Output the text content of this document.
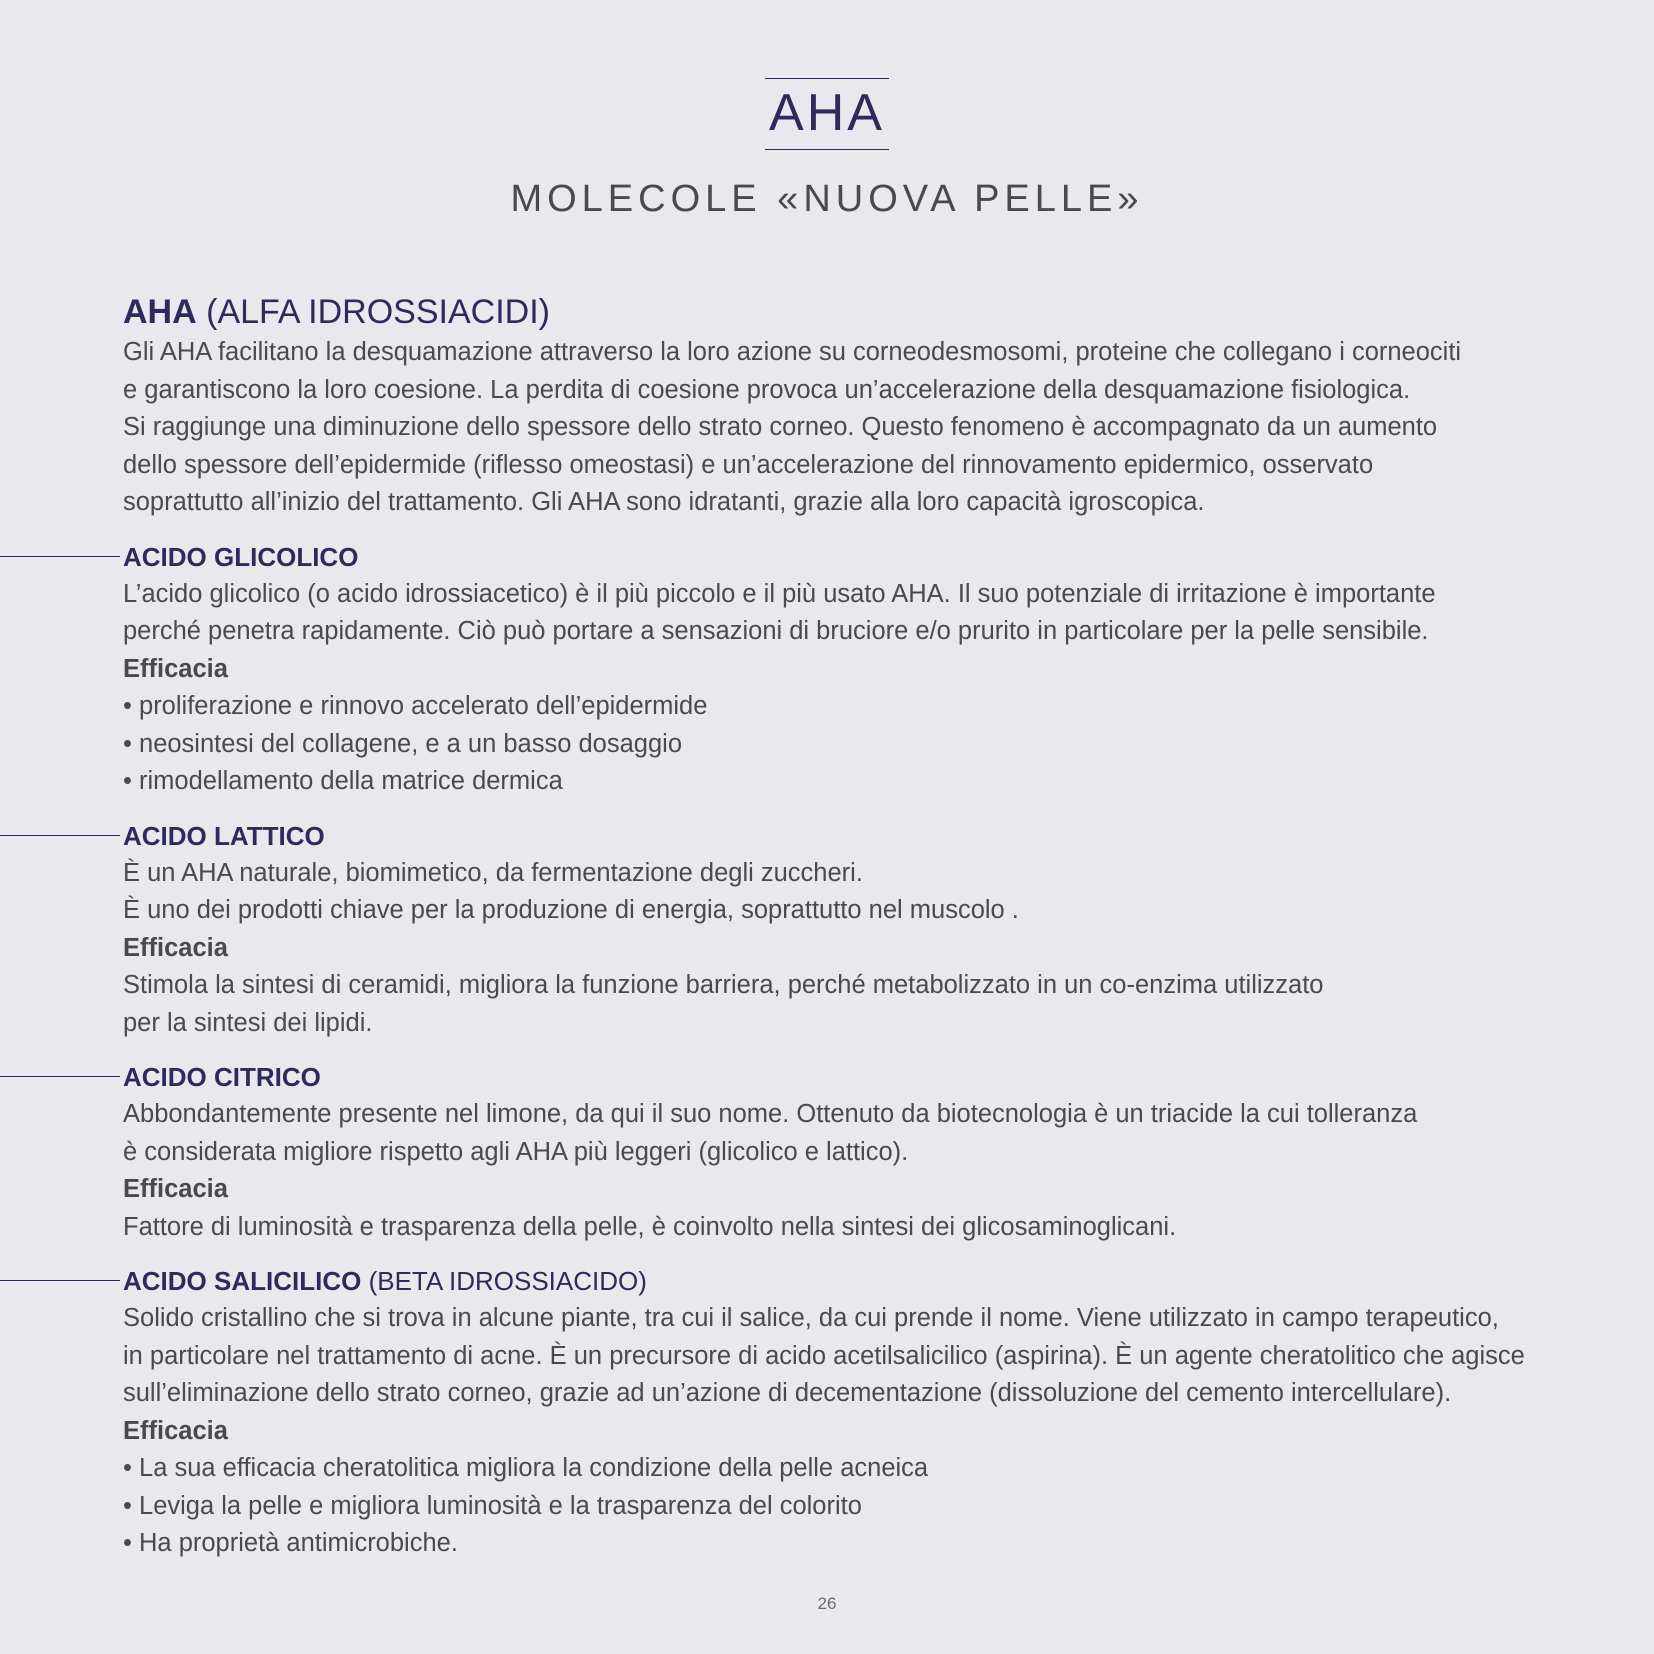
AHA
MOLECOLE «NUOVA PELLE»
AHA (ALFA IDROSSIACIDI)

Gli AHA facilitano la desquamazione attraverso la loro azione su corneodesmosomi, proteine che collegano i corneociti

e garantiscono la loro coesione. La perdita di coesione provoca un’accelerazione della desquamazione fisiologica.

Si raggiunge una diminuzione dello spessore dello strato corneo. Questo fenomeno è accompagnato da un aumento

dello spessore dell’epidermide (riflesso omeostasi) e un’accelerazione del rinnovamento epidermico, osservato

soprattutto all’inizio del trattamento. Gli AHA sono idratanti, grazie alla loro capacità igroscopica.

ACIDO GLICOLICO

L’acido glicolico (o acido idrossiacetico) è il più piccolo e il più usato AHA. Il suo potenziale di irritazione è importante

perché penetra rapidamente. Ciò può portare a sensazioni di bruciore e/o prurito in particolare per la pelle sensibile.

Efficacia

• proliferazione e rinnovo accelerato dell’epidermide

• neosintesi del collagene, e a un basso dosaggio

• rimodellamento della matrice dermica

ACIDO LATTICO

È un AHA naturale, biomimetico, da fermentazione degli zuccheri.

È uno dei prodotti chiave per la produzione di energia, soprattutto nel muscolo .

Efficacia

Stimola la sintesi di ceramidi, migliora la funzione barriera, perché metabolizzato in un co-enzima utilizzato

per la sintesi dei lipidi.

ACIDO CITRICO

Abbondantemente presente nel limone, da qui il suo nome. Ottenuto da biotecnologia è un triacide la cui tolleranza

è considerata migliore rispetto agli AHA più leggeri (glicolico e lattico).

Efficacia

Fattore di luminosità e trasparenza della pelle, è coinvolto nella sintesi dei glicosaminoglicani.

ACIDO SALICILICO (BETA IDROSSIACIDO)

Solido cristallino che si trova in alcune piante, tra cui il salice, da cui prende il nome. Viene utilizzato in campo terapeutico,

in particolare nel trattamento di acne. È un precursore di acido acetilsalicilico (aspirina). È un agente cheratolitico che agisce

sull’eliminazione dello strato corneo, grazie ad un’azione di decementazione (dissoluzione del cemento intercellulare).

Efficacia

• La sua efficacia cheratolitica migliora la condizione della pelle acneica

• Leviga la pelle e migliora luminosità e la trasparenza del colorito

• Ha proprietà antimicrobiche.

26
